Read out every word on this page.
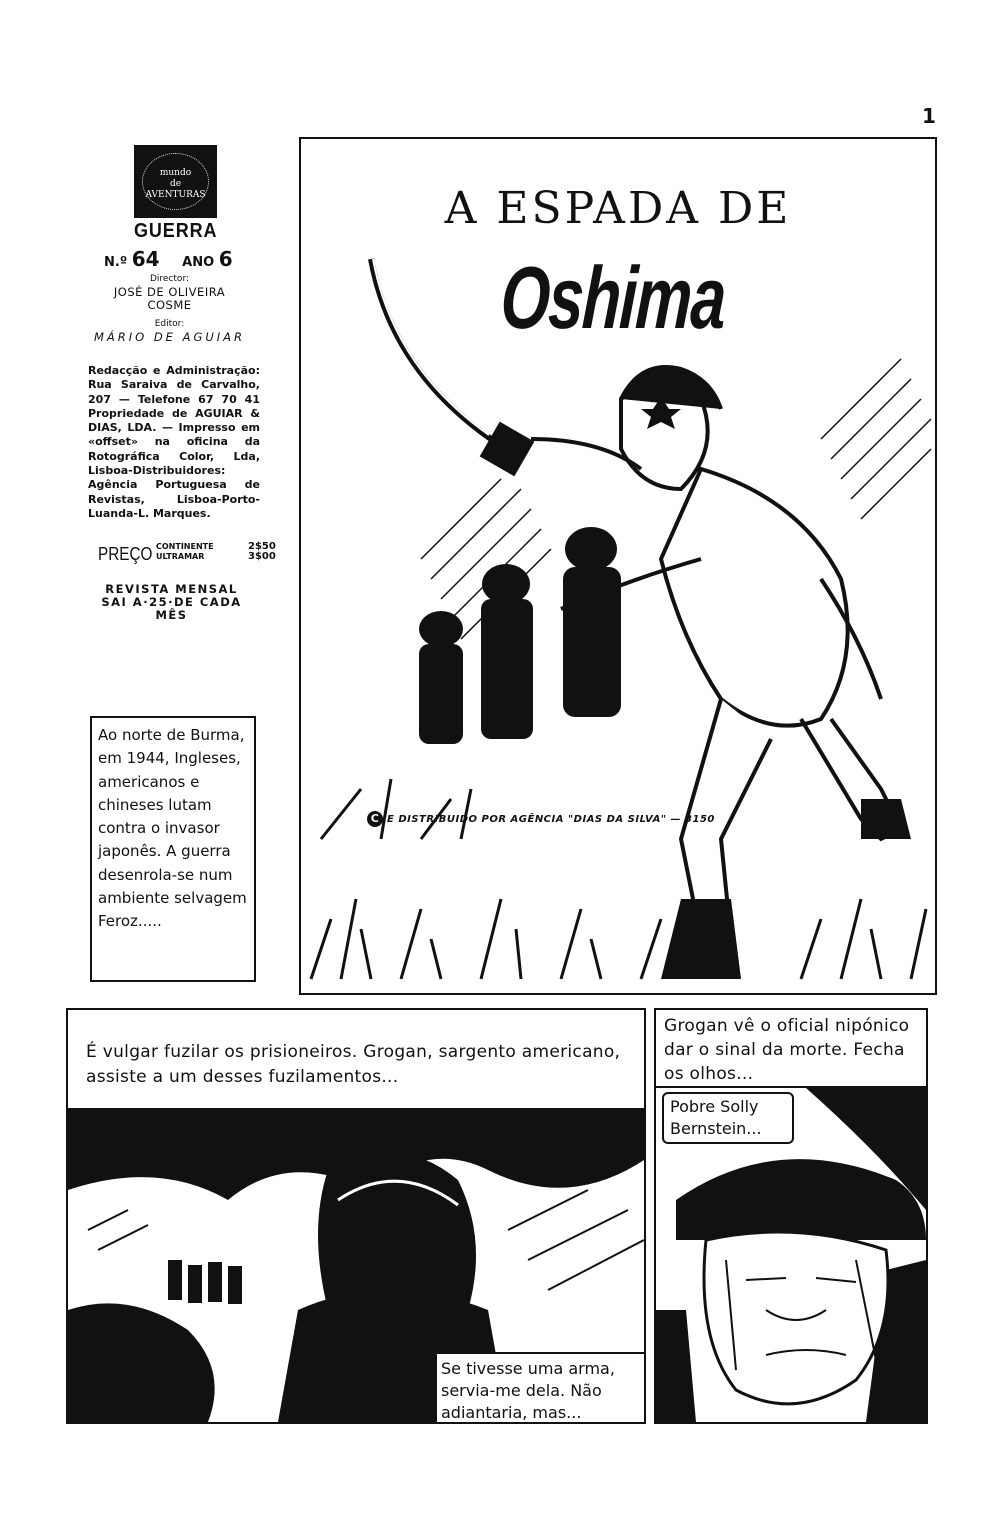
1
mundo
de
AVENTURAS
GUERRA
N.º 64 ANO 6
Director:
JOSÉ DE OLIVEIRA
COSME
Editor:
MÁRIO DE AGUIAR
Redacção e Administração: Rua Saraiva de Carvalho, 207 — Telefone 67 70 41 Propriedade de AGUIAR & DIAS, LDA. — Impresso em «offset» na oficina da Rotográfica Color, Lda, Lisboa-Distribuidores: Agência Portuguesa de Revistas, Lisboa-Porto-Luanda-L. Marques.
PREÇO CONTINENTE	2$50
ULTRAMAR	3$00
REVISTA MENSAL
SAI A·25·DE CADA
MÊS
Ao norte de Burma, em 1944, Ingleses, americanos e chineses lutam contra o invasor japonês. A guerra desenrola-se num ambiente selvagem Feroz.....
A ESPADA DE
Oshima
C E DISTRIBUIDO POR AGÊNCIA "DIAS DA SILVA" — 3150
É vulgar fuzilar os prisioneiros. Grogan, sargento americano, assiste a um desses fuzilamentos...
Se tivesse uma arma, servia-me dela. Não adiantaria, mas...
Grogan vê o oficial nipónico dar o sinal da morte. Fecha os olhos...
Pobre Solly Bernstein...
